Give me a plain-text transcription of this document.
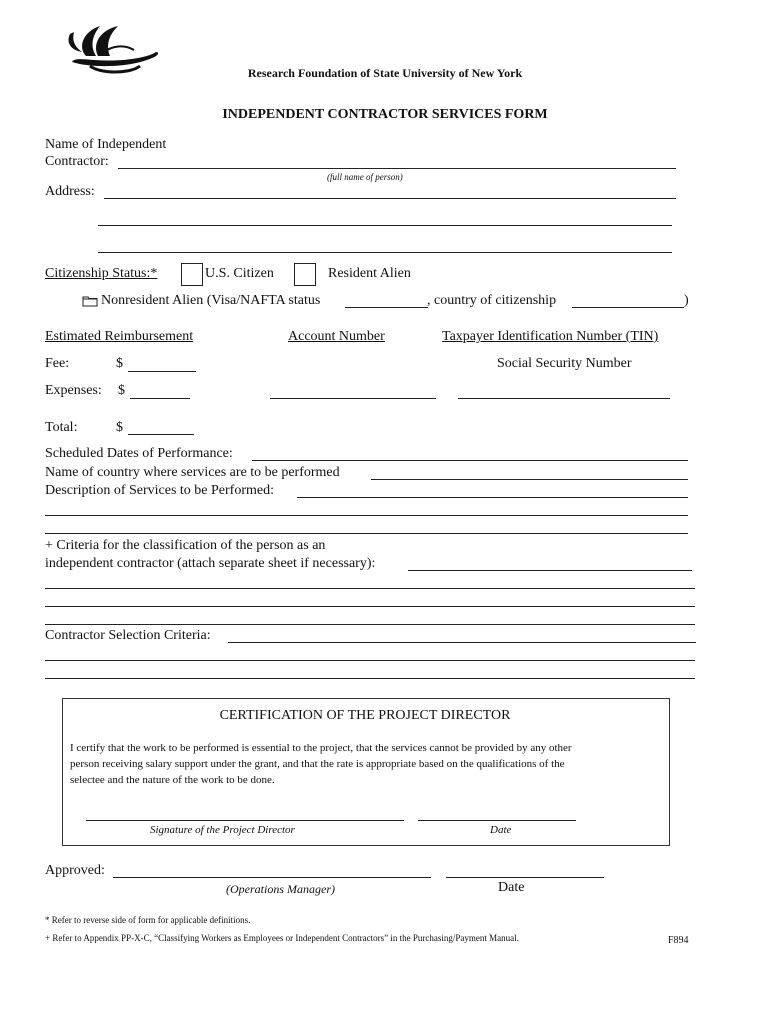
Research Foundation of State University of New York
INDEPENDENT CONTRACTOR SERVICES FORM
Name of Independent
Contractor:
(full name of person)
Address:
Citizenship Status:*	U.S. Citizen	Resident Alien
Nonresident Alien (Visa/NAFTA status	, country of citizenship	)
Estimated Reimbursement	Account Number	Taxpayer Identification Number (TIN)
Fee:	$	Social Security Number
Expenses: $
Total:	$
Scheduled Dates of Performance:
Name of country where services are to be performed
Description of Services to be Performed:
+ Criteria for the classification of the person as an
independent contractor (attach separate sheet if necessary):
Contractor Selection Criteria:
CERTIFICATION OF THE PROJECT DIRECTOR
I certify that the work to be performed is essential to the project, that the services cannot be provided by any other
person receiving salary support under the grant, and that the rate is appropriate based on the qualifications of the
selectee and the nature of the work to be done.
Signature of the Project Director	Date
Approved:
(Operations Manager)	Date
* Refer to reverse side of form for applicable definitions.
+ Refer to Appendix PP-X-C, “Classifying Workers as Employees or Independent Contractors” in the Purchasing/Payment Manual.	F894
